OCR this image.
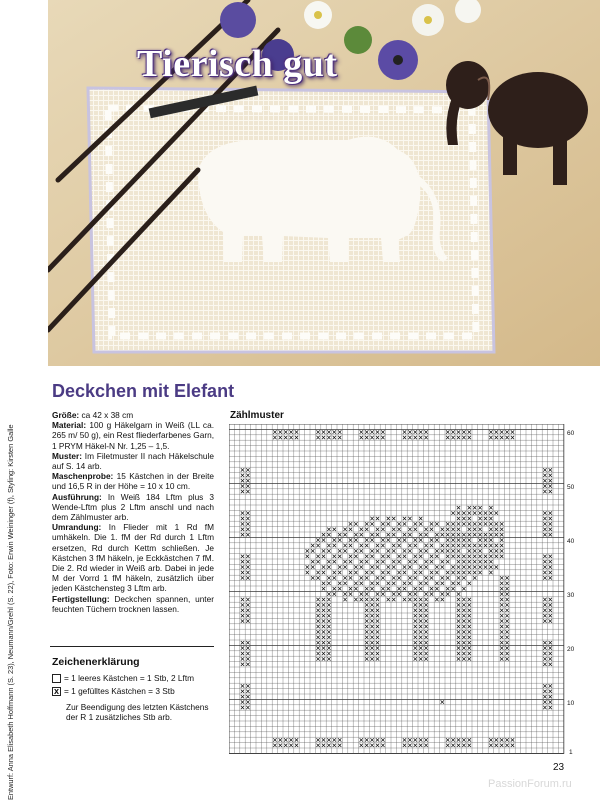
Tierisch gut
Entwurf: Anna Elisabeth Hoffmann (S. 23), Neumann/Grehl (S. 22), Foto: Erwin Weininger (f), Styling: Kirsten Galle
Deckchen mit Elefant

Größe: ca 42 x 38 cm

Material: 100 g Häkelgarn in Weiß (LL ca. 265 m/ 50 g), ein Rest fliederfarbenes Garn, 1 PRYM Häkel-N Nr. 1,25 – 1,5.

Muster: Im Filetmuster II nach Häkelschule auf S. 14 arb.

Maschenprobe: 15 Kästchen in der Breite und 16,5 R in der Höhe = 10 x 10 cm.

Ausführung: In Weiß 184 Lftm plus 3 Wende-Lftm plus 2 Lftm anschl und nach dem Zählmuster arb.

Umrandung: In Flieder mit 1 Rd fM umhäkeln. Die 1. fM der Rd durch 1 Lftm ersetzen, Rd durch Kettm schließen. Je Kästchen 3 fM häkeln, je Eckkästchen 7 fM. Die 2. Rd wieder in Weiß arb. Dabei in jede M der Vorrd 1 fM häkeln, zusätzlich über jeden Kästchensteg 3 Lftm arb.

Fertigstellung: Deckchen spannen, unter feuchten Tüchern trocknen lassen.

Zeichenerklärung
= 1 leeres Kästchen = 1 Stb, 2 Lftm
x = 1 gefülltes Kästchen = 3 Stb
Zur Beendigung des letzten Kästchens der R 1 zusätzliches Stb arb.
Zählmuster
60
50
40
30
20
10
1
23
PassionForum.ru
